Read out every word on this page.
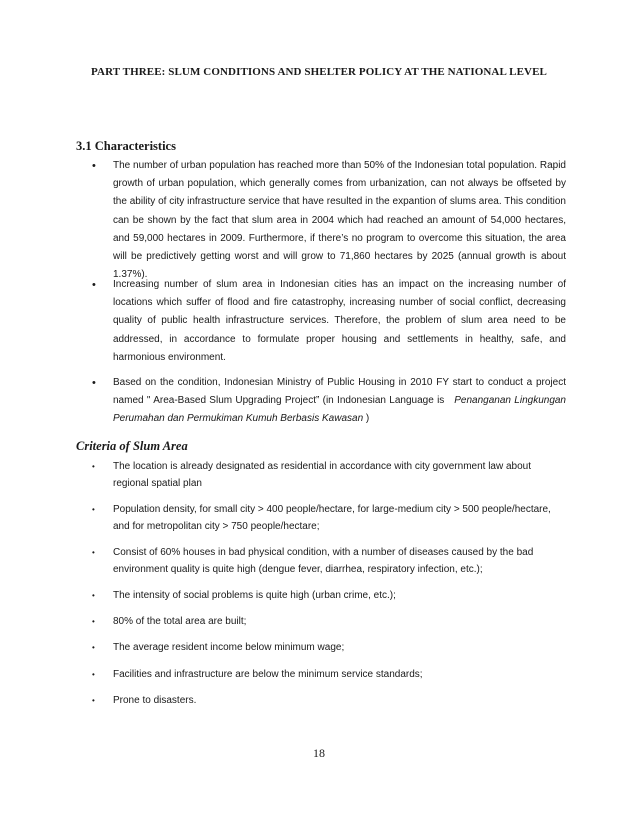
PART THREE: SLUM CONDITIONS AND SHELTER POLICY AT THE NATIONAL LEVEL
3.1 Characteristics
• The number of urban population has reached more than 50% of the Indonesian total population. Rapid growth of urban population, which generally comes from urbanization, can not always be offseted by the ability of city infrastructure service that have resulted in the expantion of slums area. This condition can be shown by the fact that slum area in 2004 which had reached an amount of 54,000 hectares, and 59,000 hectares in 2009. Furthermore, if there’s no program to overcome this situation, the area will be predictively getting worst and will grow to 71,860 hectares by 2025 (annual growth is about 1.37%).
• Increasing number of slum area in Indonesian cities has an impact on the increasing number of locations which suffer of flood and fire catastrophy, increasing number of social conflict, decreasing quality of public health infrastructure services. Therefore, the problem of slum area need to be addressed, in accordance to formulate proper housing and settlements in healthy, safe, and harmonious environment.
• Based on the condition, Indonesian Ministry of Public Housing in 2010 FY start to conduct a project named " Area-Based Slum Upgrading Project” (in Indonesian Language is Penanganan Lingkungan Perumahan dan Permukiman Kumuh Berbasis Kawasan )
Criteria of Slum Area
• The location is already designated as residential in accordance with city government law about regional spatial plan
• Population density, for small city > 400 people/hectare, for large-medium city > 500 people/hectare, and for metropolitan city > 750 people/hectare;
• Consist of 60% houses in bad physical condition, with a number of diseases caused by the bad environment quality is quite high (dengue fever, diarrhea, respiratory infection, etc.);
• The intensity of social problems is quite high (urban crime, etc.);
• 80% of the total area are built;
• The average resident income below minimum wage;
• Facilities and infrastructure are below the minimum service standards;
• Prone to disasters.
18
